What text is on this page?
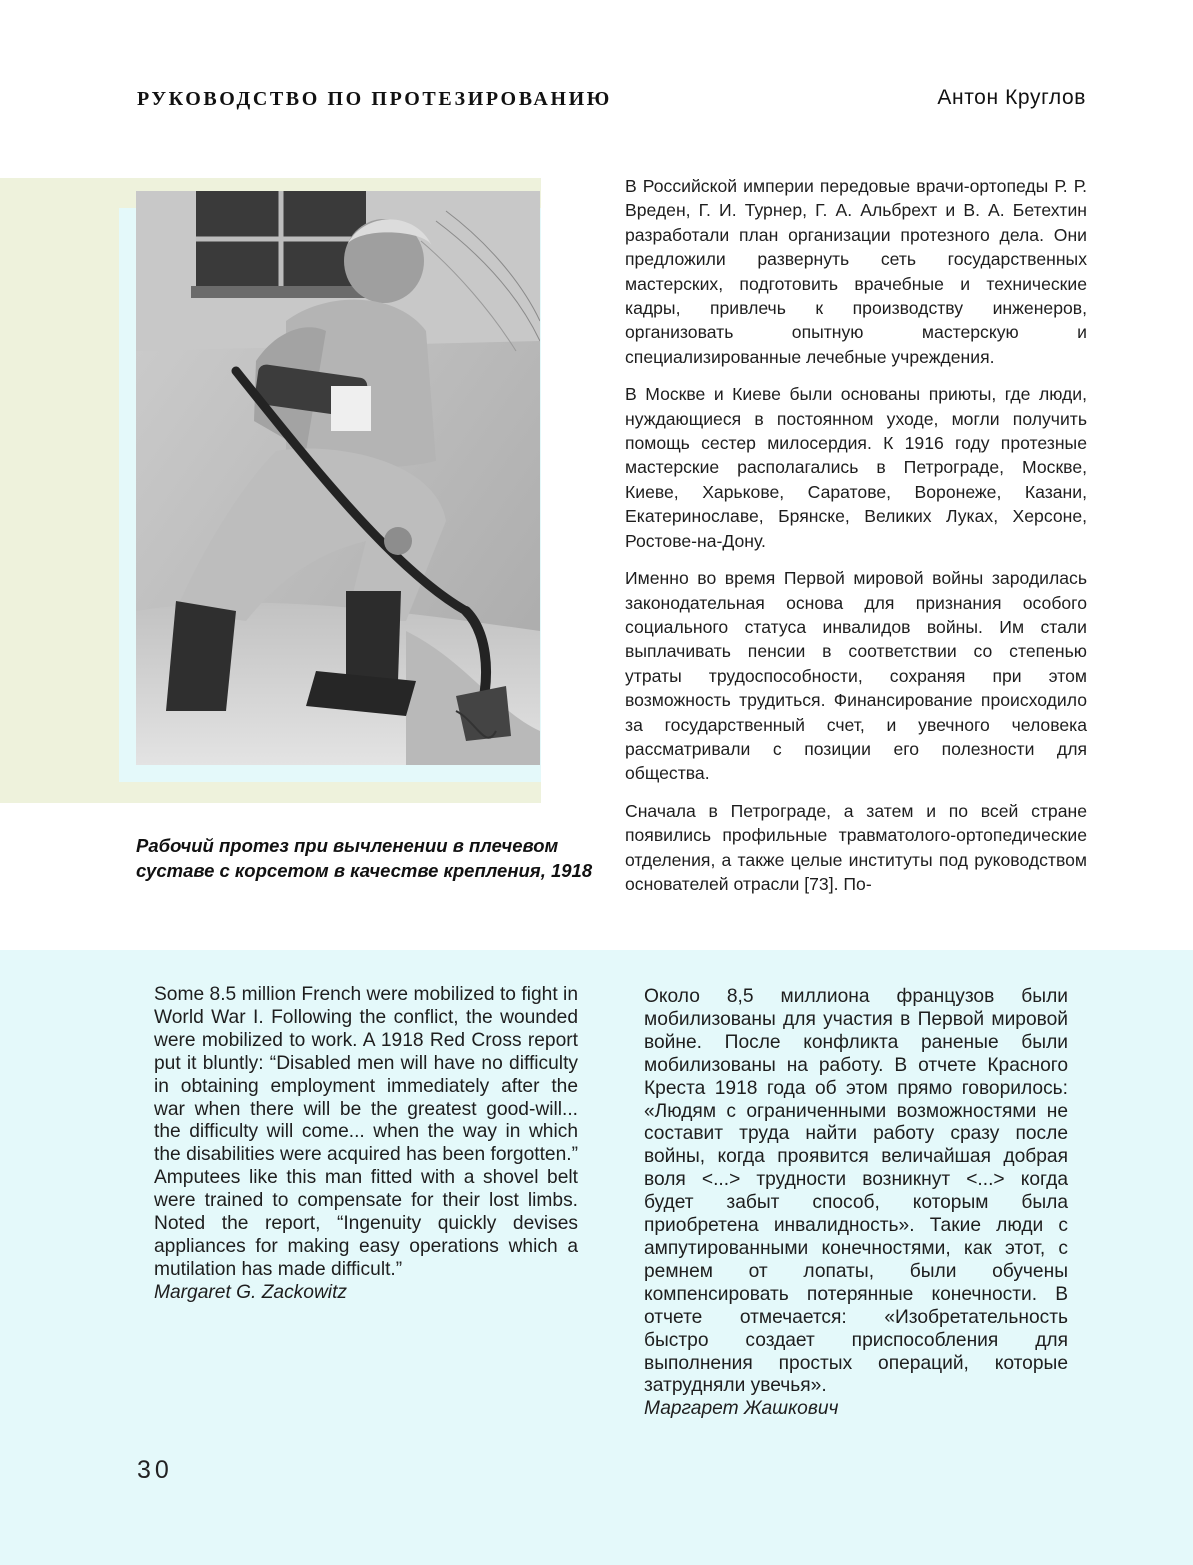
РУКОВОДСТВО ПО ПРОТЕЗИРОВАНИЮ	Антон Круглов

Рабочий протез при вычленении в плечевом суставе с корсетом в качестве крепления, 1918

В Российской империи передовые врачи-ортопеды Р. Р. Вреден, Г. И. Турнер, Г. А. Альбрехт и В. А. Бетехтин разработали план организации протезного дела. Они предложили развернуть сеть государственных мастерских, подготовить врачебные и технические кадры, привлечь к производству инженеров, организовать опытную мастерскую и специализированные лечебные учреждения.

В Москве и Киеве были основаны приюты, где люди, нуждающиеся в постоянном уходе, могли получить помощь сестер милосердия. К 1916 году протезные мастерские располагались в Петрограде, Москве, Киеве, Харькове, Саратове, Воронеже, Казани, Екатеринославе, Брянске, Великих Луках, Херсоне, Ростове-на-Дону.

Именно во время Первой мировой войны зародилась законодательная основа для признания особого социального статуса инвалидов войны. Им стали выплачивать пенсии в соответствии со степенью утраты трудоспособности, сохраняя при этом возможность трудиться. Финансирование происходило за государственный счет, и увечного человека рассматривали с позиции его полезности для общества.

Сначала в Петрограде, а затем и по всей стране появились профильные травматолого-ортопедические отделения, а также целые институты под руководством основателей отрасли [73]. По-

Some 8.5 million French were mobilized to fight in World War I. Following the conflict, the wounded were mobilized to work. A 1918 Red Cross report put it bluntly: “Disabled men will have no difficulty in obtaining employment immediately after the war when there will be the greatest good-will... the difficulty will come... when the way in which the disabilities were acquired has been forgotten.” Amputees like this man fitted with a shovel belt were trained to compensate for their lost limbs. Noted the report, “Ingenuity quickly devises appliances for making easy operations which a mutilation has made difficult.”

Margaret G. Zackowitz

Около 8,5 миллиона французов были мобилизованы для участия в Первой мировой войне. После конфликта раненые были мобилизованы на работу. В отчете Красного Креста 1918 года об этом прямо говорилось: «Людям с ограниченными возможностями не составит труда найти работу сразу после войны, когда проявится величайшая добрая воля <...> трудности возникнут <...> когда будет забыт способ, которым была приобретена инвалидность». Такие люди с ампутированными конечностями, как этот, с ремнем от лопаты, были обучены компенсировать потерянные конечности. В отчете отмечается: «Изобретательность быстро создает приспособления для выполнения простых операций, которые затрудняли увечья».

Маргарет Жашкович

30
